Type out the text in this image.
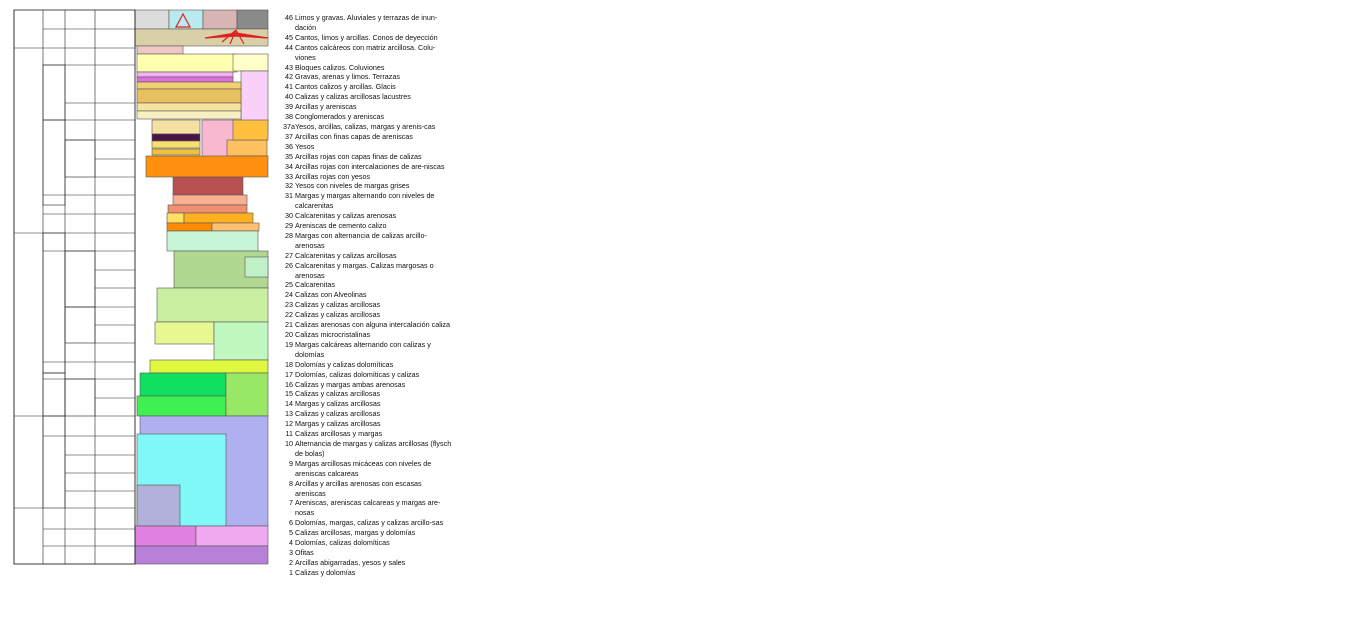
46 Limos y gravas. Aluviales y terrazas de inun-dación
45 Cantos, limos y arcillas. Conos de deyección
44 Cantos calcáreos con matriz arcillosa. Colu-viones
43 Bloques calizos. Coluviones
42 Gravas, arenas y limos. Terrazas
41 Cantos calizos y arcillas. Glacis
40 Calizas y calizas arcillosas lacustres
39 Arcillas y areniscas
38 Conglomerados y areniscas
37a Yesos, arcillas, calizas, margas y arenis-cas
37 Arcillas con finas capas de areniscas
36 Yesos
35 Arcillas rojas con capas finas de calizas
34 Arcillas rojas con intercalaciones de are-niscas
33 Arcillas rojas con yesos
32 Yesos con niveles de margas grises
31 Margas y margas alternando con niveles de calcarenitas
30 Calcarenitas y calizas arenosas
29 Areniscas de cemento calizo
28 Margas con alternancia de calizas arcillo-arenosas
27 Calcarenitas y calizas arcillosas
26 Calcarenitas y margas. Calizas margosas o arenosas
25 Calcarenitas
24 Calizas con Alveolinas
23 Calizas y calizas arcillosas
22 Calizas y calizas arcillosas
21 Calizas arenosas con alguna intercalación caliza
20 Calizas microcristalinas
19 Margas calcáreas alternando con calizas y dolomías
18 Dolomías y calizas dolomíticas
17 Dolomías, calizas dolomíticas y calizas
16 Calizas y margas ambas arenosas
15 Calizas y calizas arcillosas
14 Margas y calizas arcillosas
13 Calizas y calizas arcillosas
12 Margas y calizas arcillosas
11 Calizas arcillosas y margas
10 Alternancia de margas y calizas arcillosas (flysch de bolas)
9 Margas arcillosas micáceas con niveles de areniscas calcareas
8 Arcillas y arcillas arenosas con escasas areniscas
7 Areniscas, areniscas calcareas y margas are-nosas
6 Dolomías, margas, calizas y calizas arcillo-sas
5 Calizas arcillosas, margas y dolomías
4 Dolomías, calizas dolomíticas
3 Ofitas
2 Arcillas abigarradas, yesos y sales
1 Calizas y dolomías
